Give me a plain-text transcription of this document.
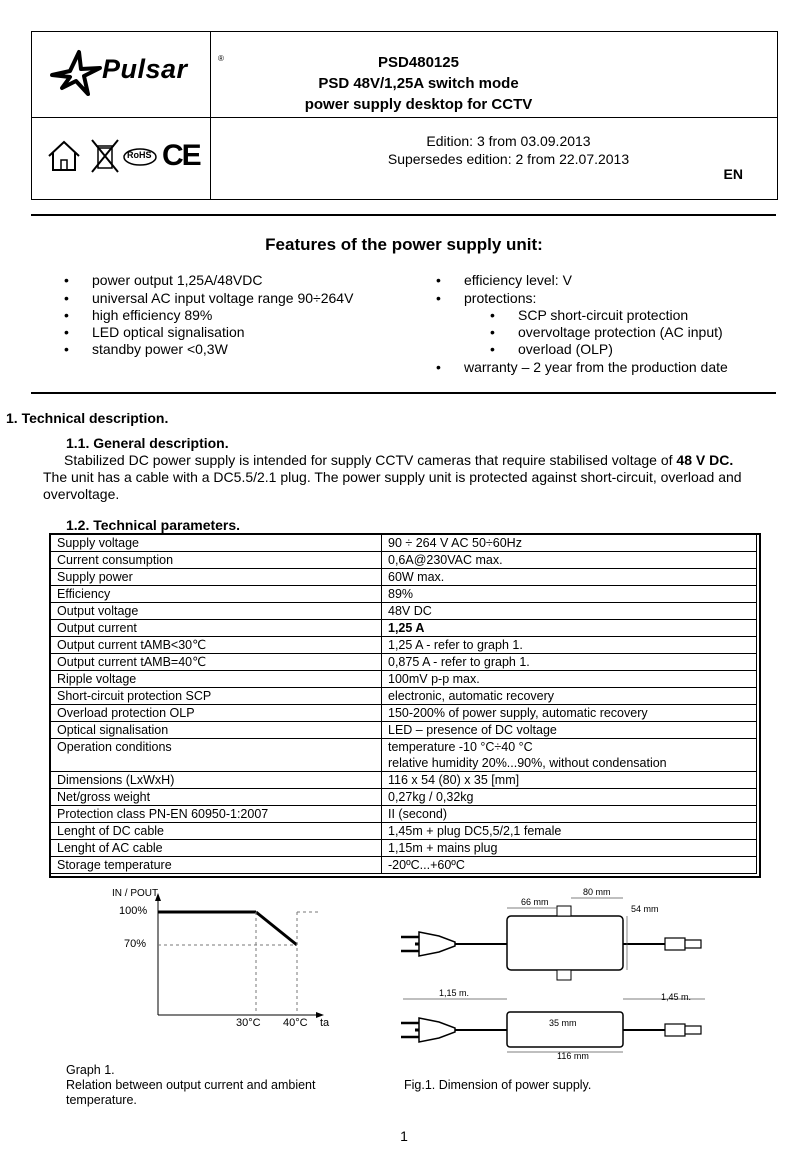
Pulsar	®	PSD480125
PSD 48V/1,25A switch mode
power supply desktop for CCTV
RoHS CE	Edition: 3 from 03.09.2013
Supersedes edition: 2 from 22.07.2013
EN
Features of the power supply unit:
• power output 1,25A/48VDC
• universal AC input voltage range 90÷264V
• high efficiency 89%
• LED optical signalisation
• standby power <0,3W
• efficiency level: V
• protections:
• SCP short-circuit protection
• overvoltage protection (AC input)
• overload (OLP)
• warranty – 2 year from the production date
1. Technical description.
1.1. General description.
Stabilized DC power supply is intended for supply CCTV cameras that require stabilised voltage of 48 V DC.
The unit has a cable with a DC5.5/2.1 plug. The power supply unit is protected against short-circuit, overload and
overvoltage.
1.2. Technical parameters.
Supply voltage	90 ÷ 264 V AC 50÷60Hz
Current consumption	0,6A@230VAC max.
Supply power	60W max.
Efficiency	89%
Output voltage	48V DC
Output current	1,25 A
Output current tAMB<30℃	1,25 A - refer to graph 1.
Output current tAMB=40℃	0,875 A - refer to graph 1.
Ripple voltage	100mV p-p max.
Short-circuit protection SCP	electronic, automatic recovery
Overload protection OLP	150-200% of power supply, automatic recovery
Optical signalisation	LED – presence of DC voltage
Operation conditions	temperature -10 °C÷40 °C
relative humidity 20%...90%, without condensation

Dimensions (LxWxH)	116 x 54 (80) x 35 [mm]
Net/gross weight	0,27kg / 0,32kg
Protection class PN-EN 60950-1:2007	II (second)
Lenght of DC cable	1,45m + plug DC5,5/2,1 female
Lenght of AC cable	1,15m + mains plug
Storage temperature	-20ºC...+60ºC
IN / POUT
100%
70%
30°C 40°C ta
Graph 1.
Relation between output current and ambient
temperature.
66 mm
80 mm
54 mm
1,15 m.	1,45 m.
35 mm
116 mm
Fig.1. Dimension of power supply.
1
